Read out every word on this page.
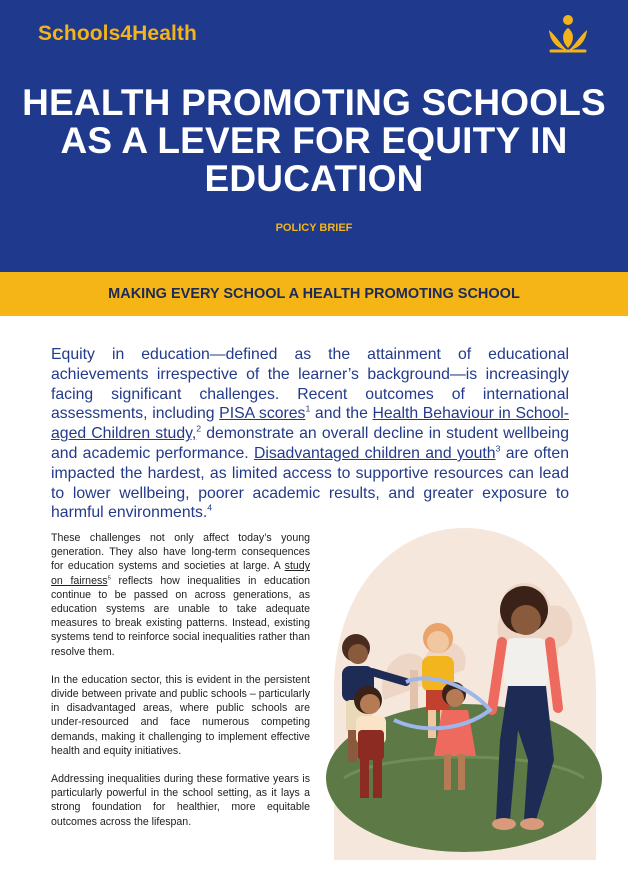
Schools4Health
HEALTH PROMOTING SCHOOLS AS A LEVER FOR EQUITY IN EDUCATION
POLICY BRIEF
MAKING EVERY SCHOOL A HEALTH PROMOTING SCHOOL

Equity in education—defined as the attainment of educational achievements irrespective of the learner’s background—is increasingly facing significant challenges. Recent outcomes of international assessments, including PISA scores$^1$ and the Health Behaviour in School-aged Children study,$^2$ demonstrate an overall decline in student wellbeing and academic performance. Disadvantaged children and youth$^3$ are often impacted the hardest, as limited access to supportive resources can lead to lower wellbeing, poorer academic results, and greater exposure to harmful environments.$^4$

These challenges not only affect today’s young generation. They also have long-term consequences for education systems and societies at large. A study on fairness$^5$ reflects how inequalities in education continue to be passed on across generations, as education systems are unable to take adequate measures to break existing patterns. Instead, existing systems tend to reinforce social inequalities rather than resolve them.

In the education sector, this is evident in the persistent divide between private and public schools – particularly in disadvantaged areas, where public schools are under-resourced and face numerous competing demands, making it challenging to implement effective health and equity initiatives.

Addressing inequalities during these formative years is particularly powerful in the school setting, as it lays a strong foundation for healthier, more equitable outcomes across the lifespan.
